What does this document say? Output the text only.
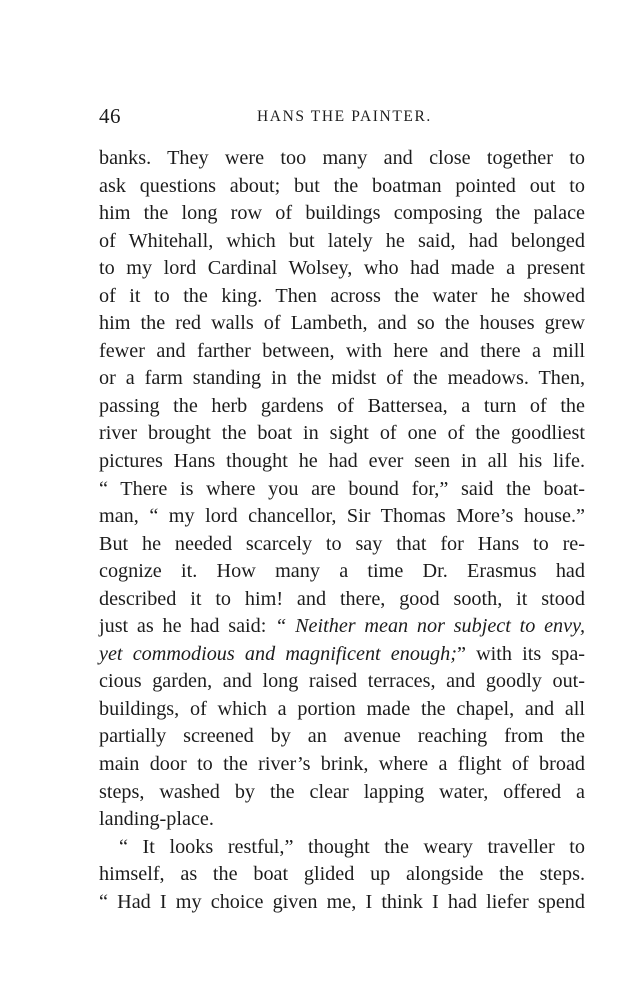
46	HANS THE PAINTER.
banks. They were too many and close together to
ask questions about; but the boatman pointed out to
him the long row of buildings composing the palace
of Whitehall, which but lately he said, had belonged
to my lord Cardinal Wolsey, who had made a present
of it to the king. Then across the water he showed
him the red walls of Lambeth, and so the houses grew
fewer and farther between, with here and there a mill
or a farm standing in the midst of the meadows. Then,
passing the herb gardens of Battersea, a turn of the
river brought the boat in sight of one of the goodliest
pictures Hans thought he had ever seen in all his life.
“ There is where you are bound for,” said the boat-
man, “ my lord chancellor, Sir Thomas More’s house.”
But he needed scarcely to say that for Hans to re-
cognize it. How many a time Dr. Erasmus had
described it to him! and there, good sooth, it stood
just as he had said: “ Neither mean nor subject to envy,
yet commodious and magnificent enough;” with its spa-
cious garden, and long raised terraces, and goodly out-
buildings, of which a portion made the chapel, and all
partially screened by an avenue reaching from the
main door to the river’s brink, where a flight of broad
steps, washed by the clear lapping water, offered a
landing-place.
“ It looks restful,” thought the weary traveller to
himself, as the boat glided up alongside the steps.
“ Had I my choice given me, I think I had liefer spend
